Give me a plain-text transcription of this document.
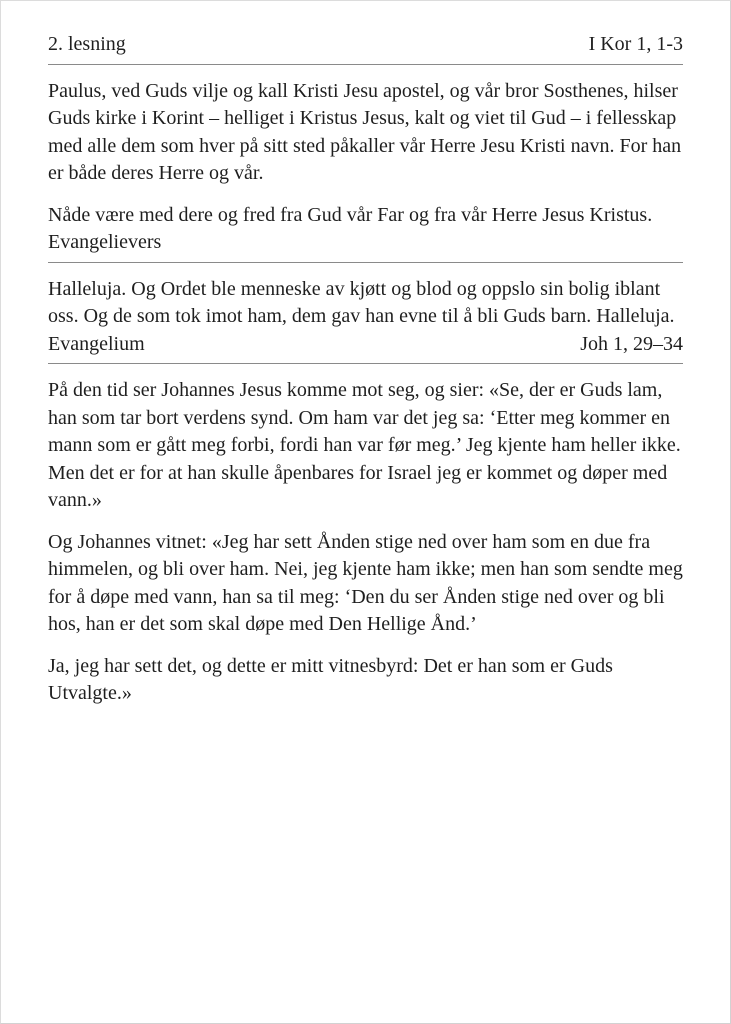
2. lesning	I Kor 1, 1-3

Paulus, ved Guds vilje og kall Kristi Jesu apostel, og vår bror Sosthenes, hilser Guds kirke i Korint – helliget i Kristus Jesus, kalt og viet til Gud – i fellesskap med alle dem som hver på sitt sted påkaller vår Herre Jesu Kristi navn. For han er både deres Herre og vår.

Nåde være med dere og fred fra Gud vår Far og fra vår Herre Jesus Kristus.

Evangelievers

Halleluja. Og Ordet ble menneske av kjøtt og blod og oppslo sin bolig iblant oss. Og de som tok imot ham, dem gav han evne til å bli Guds barn. Halleluja.

Evangelium	Joh 1, 29–34

På den tid ser Johannes Jesus komme mot seg, og sier: «Se, der er Guds lam, han som tar bort verdens synd. Om ham var det jeg sa: ‘Etter meg kommer en mann som er gått meg forbi, fordi han var før meg.’ Jeg kjente ham heller ikke. Men det er for at han skulle åpenbares for Israel jeg er kommet og døper med vann.»

Og Johannes vitnet: «Jeg har sett Ånden stige ned over ham som en due fra himmelen, og bli over ham. Nei, jeg kjente ham ikke; men han som sendte meg for å døpe med vann, han sa til meg: ‘Den du ser Ånden stige ned over og bli hos, han er det som skal døpe med Den Hellige Ånd.’

Ja, jeg har sett det, og dette er mitt vitnesbyrd: Det er han som er Guds Utvalgte.»
